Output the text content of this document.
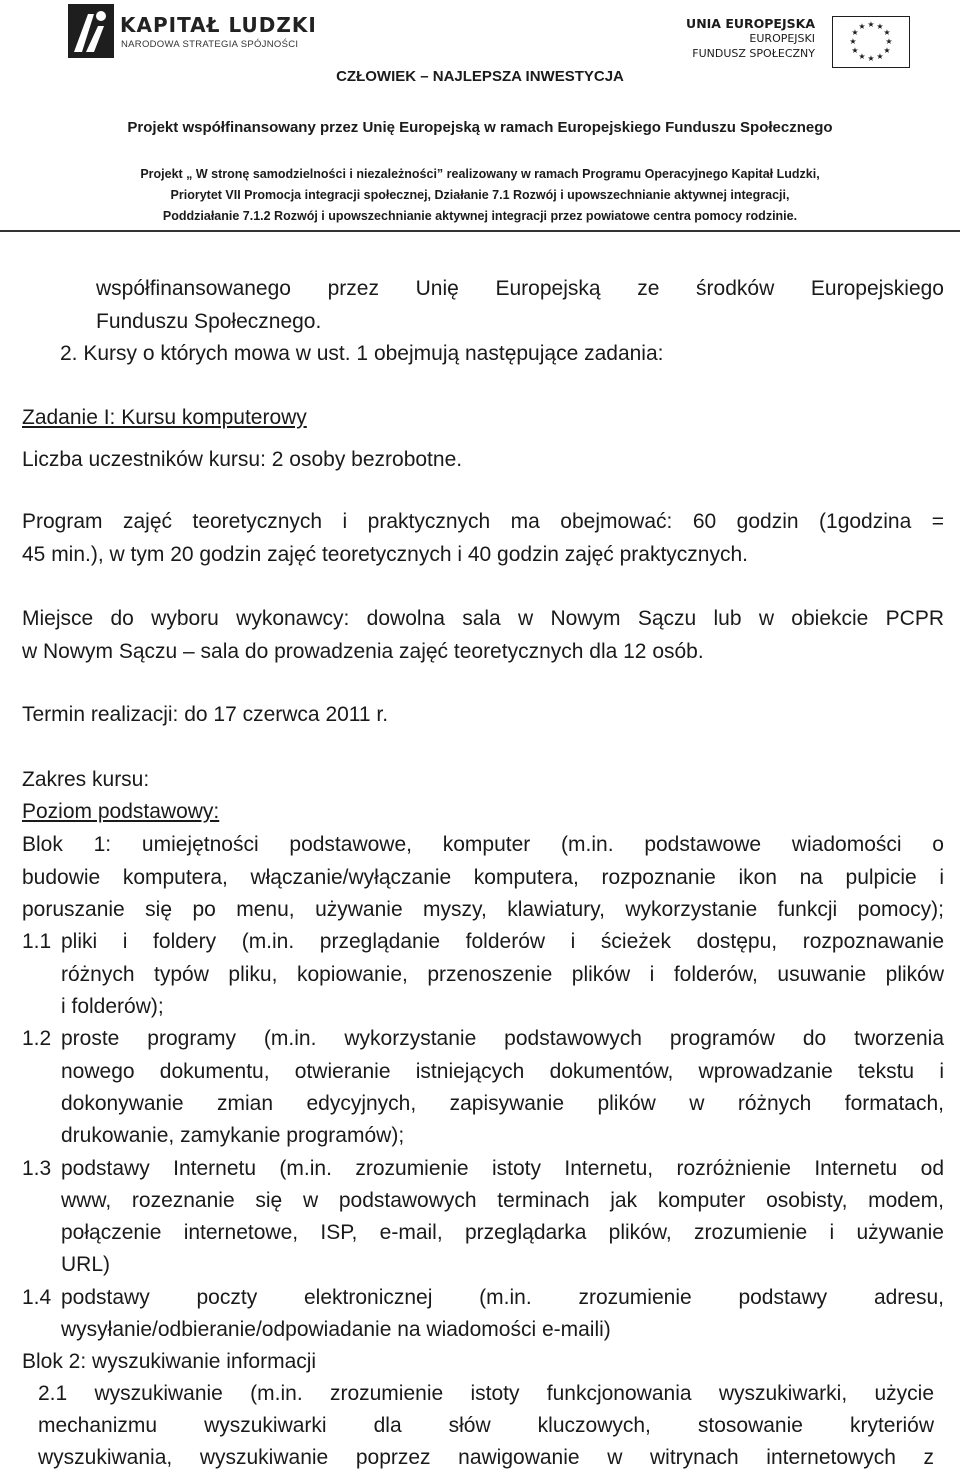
KAPITAŁ LUDZKI
NARODOWA STRATEGIA SPÓJNOŚCI
UNIA EUROPEJSKA
EUROPEJSKI
FUNDUSZ SPOŁECZNY
★ ★
★
★
★
★
★
★
★
★
★
★
CZŁOWIEK – NAJLEPSZA INWESTYCJA
Projekt współfinansowany przez Unię Europejską w ramach Europejskiego Funduszu Społecznego
Projekt „ W stronę samodzielności i niezależności” realizowany w ramach Programu Operacyjnego Kapitał Ludzki,
Priorytet VII Promocja integracji społecznej, Działanie 7.1 Rozwój i upowszechnianie aktywnej integracji,
Poddziałanie 7.1.2 Rozwój i upowszechnianie aktywnej integracji przez powiatowe centra pomocy rodzinie.
współfinansowanego przez Unię Europejską ze środków Europejskiego
Funduszu Społecznego.
2. Kursy o których mowa w ust. 1 obejmują następujące zadania:
Zadanie I: Kursu komputerowy
Liczba uczestników kursu: 2 osoby bezrobotne.
Program zajęć teoretycznych i praktycznych ma obejmować: 60 godzin (1godzina =
45 min.), w tym 20 godzin zajęć teoretycznych i 40 godzin zajęć praktycznych.
Miejsce do wyboru wykonawcy: dowolna sala w Nowym Sączu lub w obiekcie PCPR
w Nowym Sączu – sala do prowadzenia zajęć teoretycznych dla 12 osób.
Termin realizacji: do 17 czerwca 2011 r.
Zakres kursu:
Poziom podstawowy:
Blok 1: umiejętności podstawowe, komputer (m.in. podstawowe wiadomości o
budowie komputera, włączanie/wyłączanie komputera, rozpoznanie ikon na pulpicie i
poruszanie się po menu, używanie myszy, klawiatury, wykorzystanie funkcji pomocy);
1.1 pliki i foldery (m.in. przeglądanie folderów i ścieżek dostępu, rozpoznawanie
różnych typów pliku, kopiowanie, przenoszenie plików i folderów, usuwanie plików
i folderów);
1.2 proste programy (m.in. wykorzystanie podstawowych programów do tworzenia
nowego dokumentu, otwieranie istniejących dokumentów, wprowadzanie tekstu i
dokonywanie zmian edycyjnych, zapisywanie plików w różnych formatach,
drukowanie, zamykanie programów);
1.3 podstawy Internetu (m.in. zrozumienie istoty Internetu, rozróżnienie Internetu od
www, rozeznanie się w podstawowych terminach jak komputer osobisty, modem,
połączenie internetowe, ISP, e-mail, przeglądarka plików, zrozumienie i używanie
URL)
1.4 podstawy poczty elektronicznej (m.in. zrozumienie podstawy adresu,
wysyłanie/odbieranie/odpowiadanie na wiadomości e-maili)
Blok 2: wyszukiwanie informacji
2.1 wyszukiwanie (m.in. zrozumienie istoty funkcjonowania wyszukiwarki, użycie
mechanizmu wyszukiwarki dla słów kluczowych, stosowanie kryteriów
wyszukiwania, wyszukiwanie poprzez nawigowanie w witrynach internetowych z
